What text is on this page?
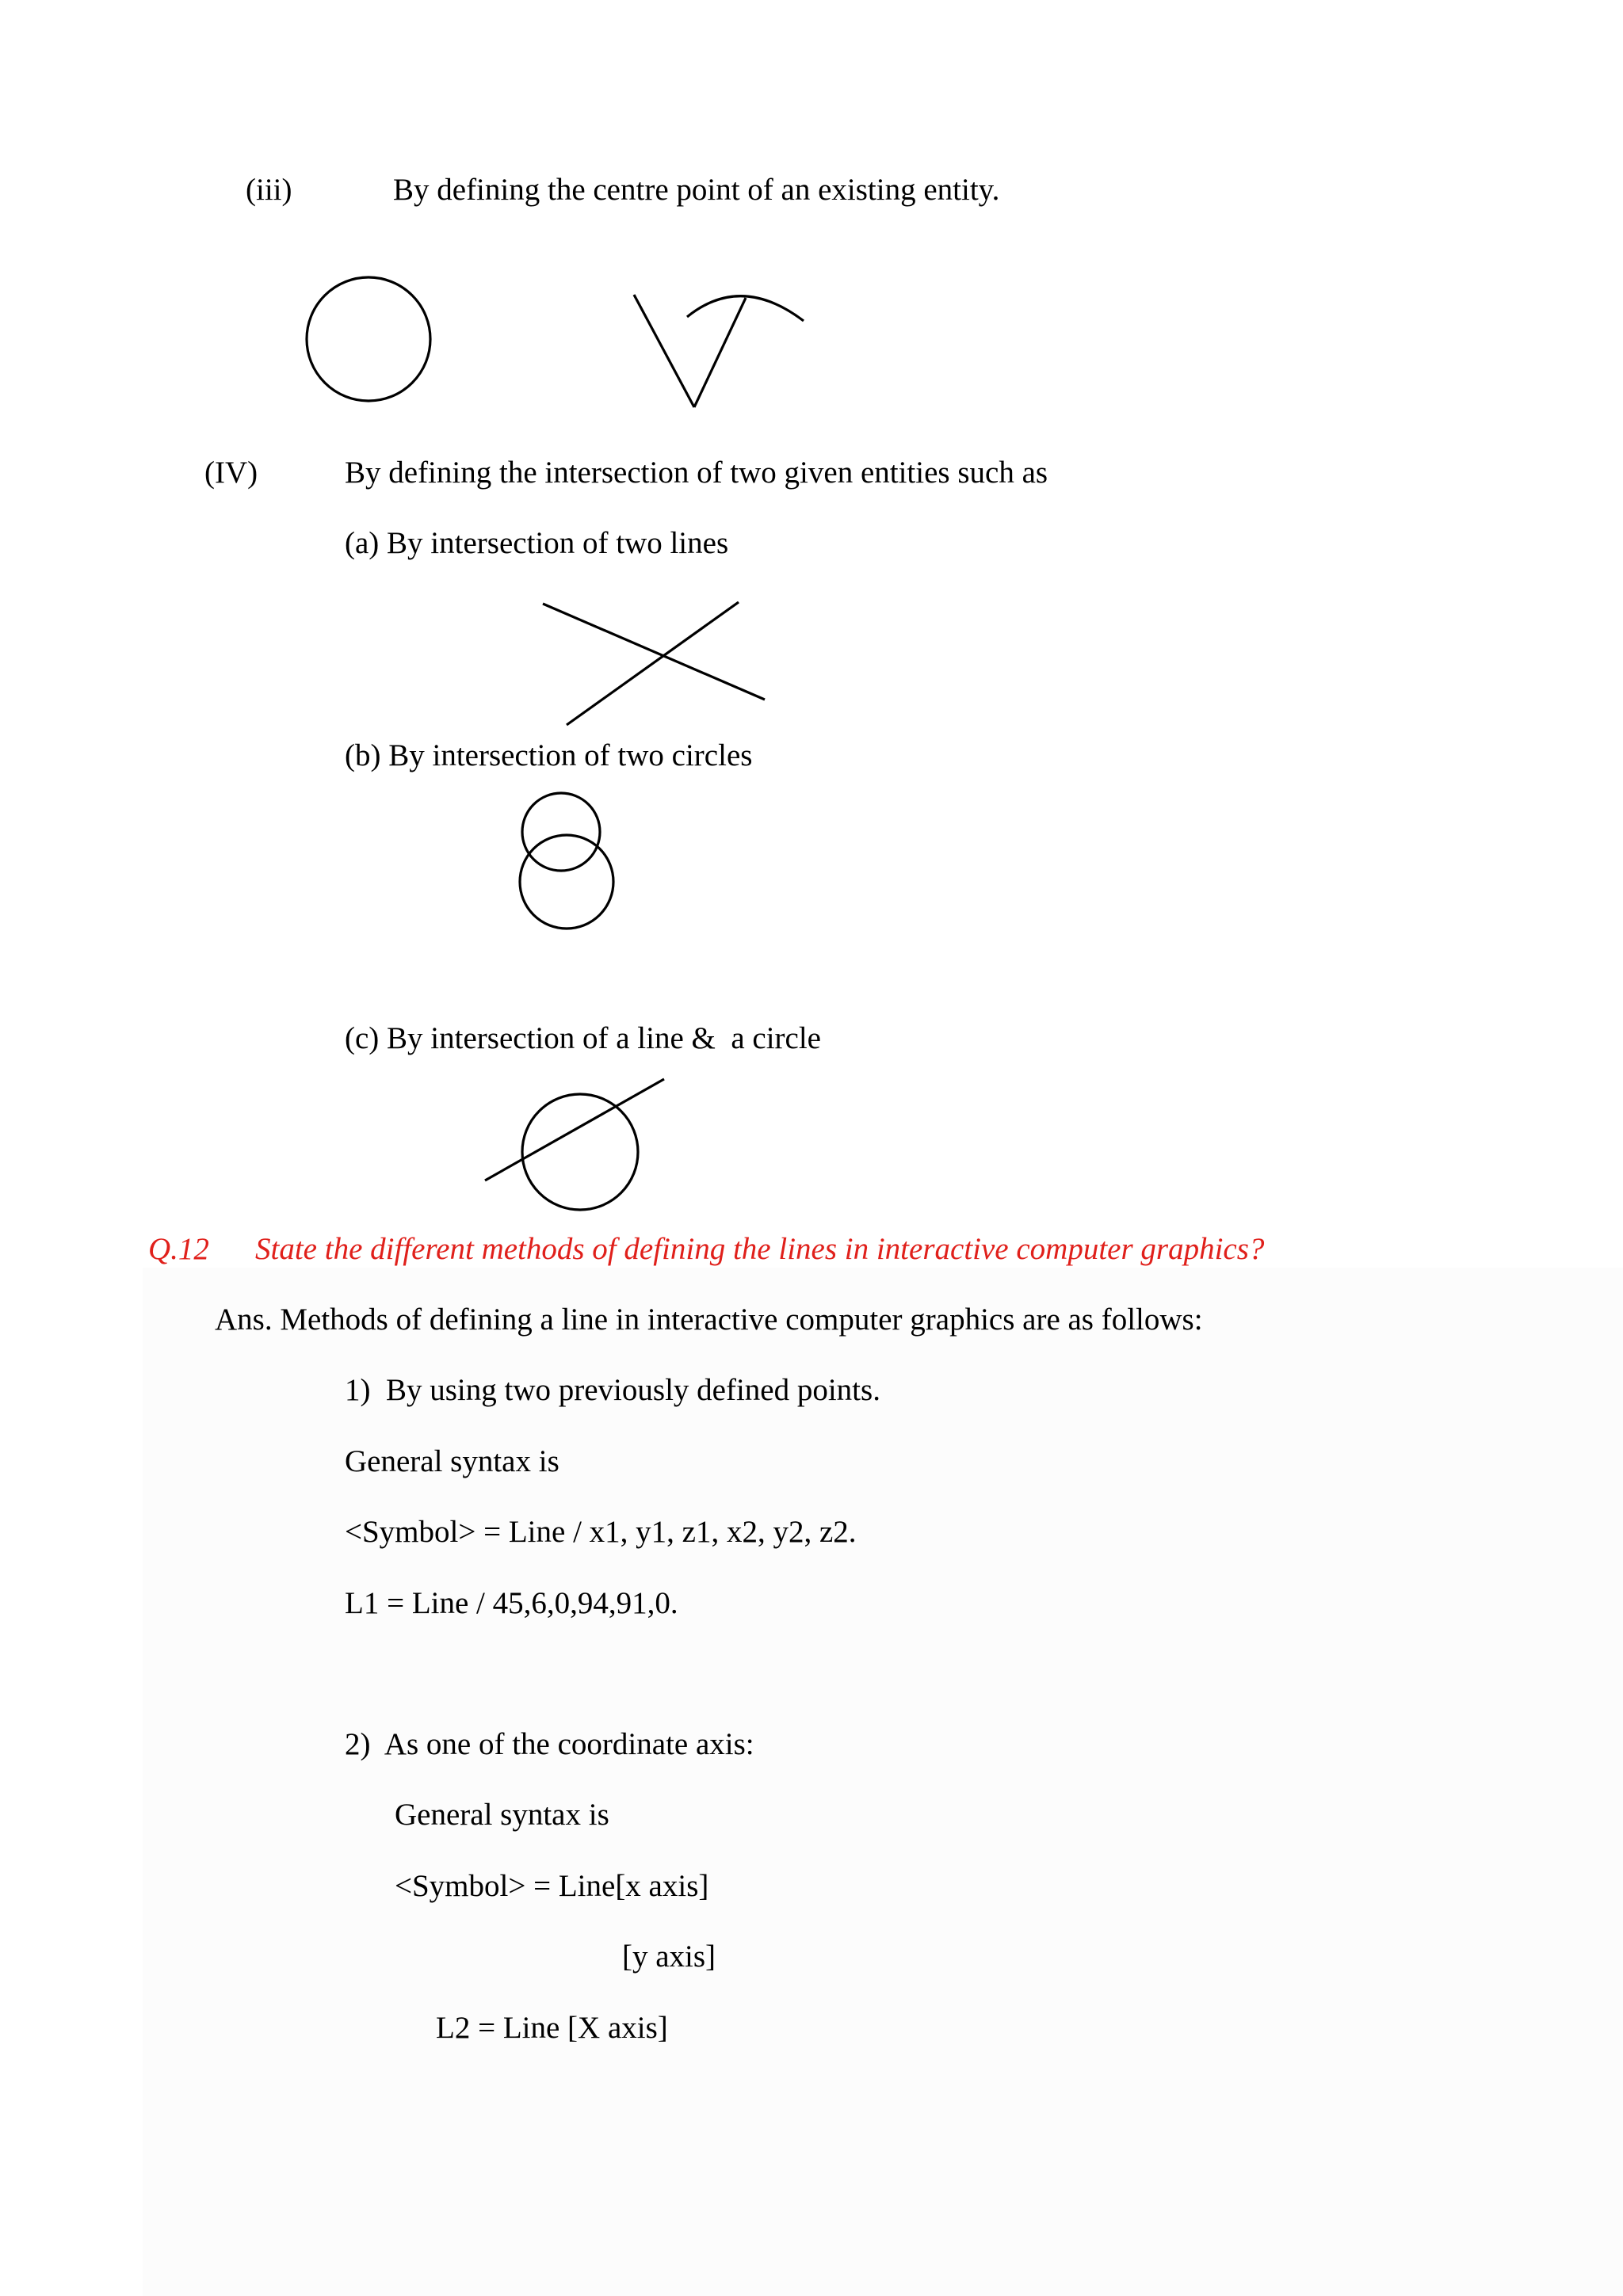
(iii)	By defining the centre point of an existing entity.
(IV)	By defining the intersection of two given entities such as
(a) By intersection of two lines
(b) By intersection of two circles
(c) By intersection of a line &  a circle
Q.12 State the different methods of defining the lines in interactive computer graphics?
Ans. Methods of defining a line in interactive computer graphics are as follows:
1)  By using two previously defined points.
General syntax is
<Symbol> = Line / x1, y1, z1, x2, y2, z2.
L1 = Line / 45,6,0,94,91,0.
2)  As one of the coordinate axis:
General syntax is
<Symbol> = Line[x axis]
[y axis]
L2 = Line [X axis]
